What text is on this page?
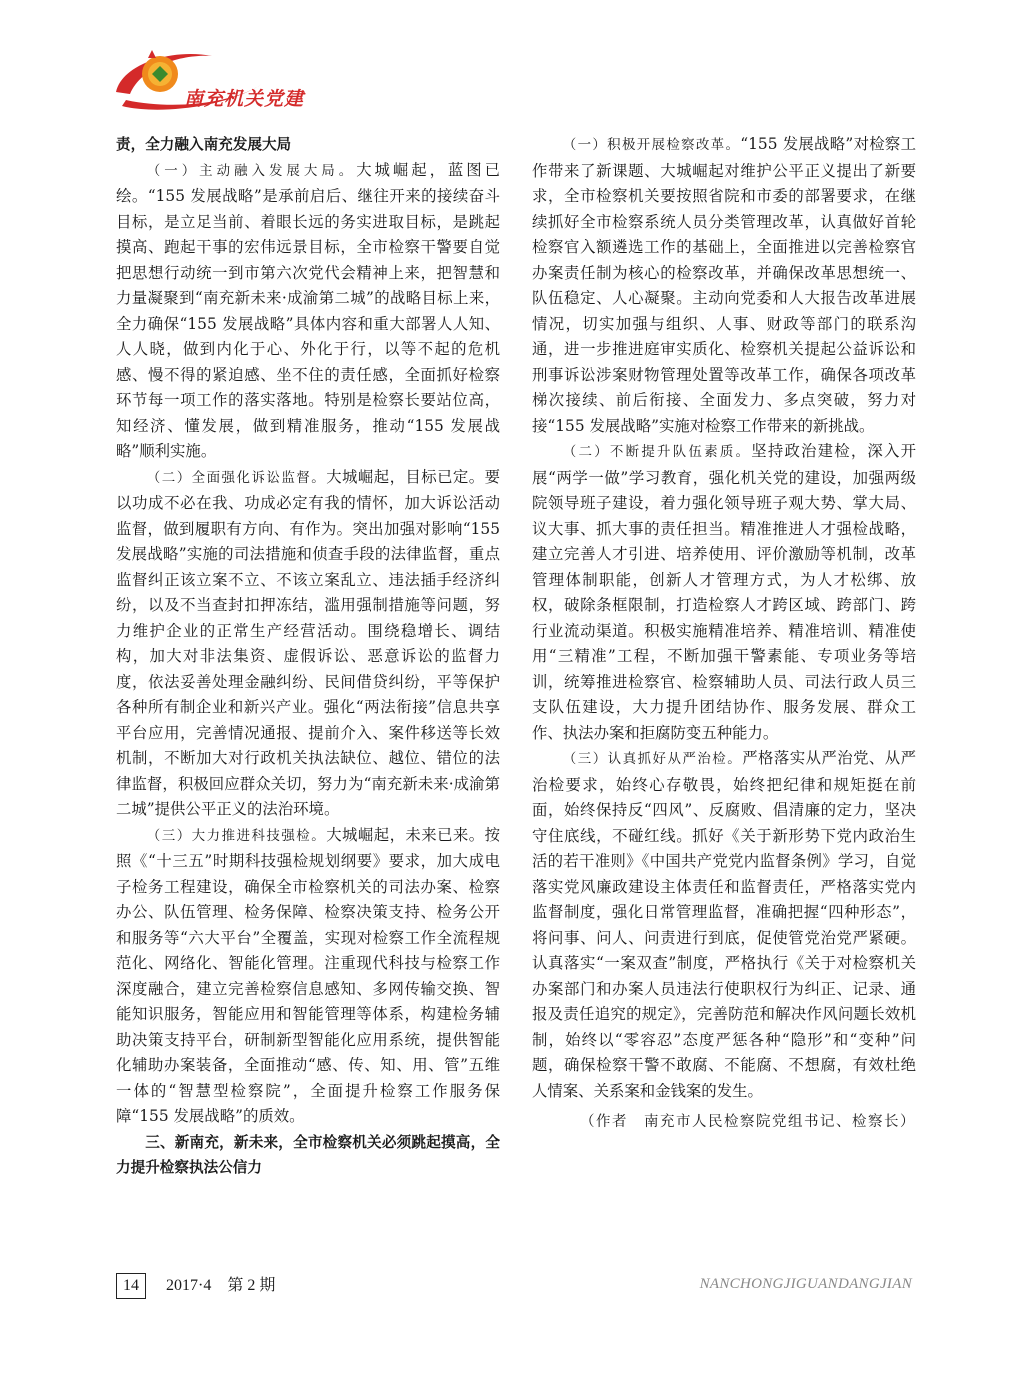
南充机关党建

责，全力融入南充发展大局

（一）主动融入发展大局。大城崛起，蓝图已绘。“155 发展战略”是承前启后、继往开来的接续奋斗目标，是立足当前、着眼长远的务实进取目标，是跳起摸高、跑起干事的宏伟远景目标，全市检察干警要自觉把思想行动统一到市第六次党代会精神上来，把智慧和力量凝聚到“南充新未来·成渝第二城”的战略目标上来，全力确保“155 发展战略”具体内容和重大部署人人知、人人晓，做到内化于心、外化于行，以等不起的危机感、慢不得的紧迫感、坐不住的责任感，全面抓好检察环节每一项工作的落实落地。特别是检察长要站位高，知经济、懂发展，做到精准服务，推动“155 发展战略”顺利实施。

（二）全面强化诉讼监督。大城崛起，目标已定。要以功成不必在我、功成必定有我的情怀，加大诉讼活动监督，做到履职有方向、有作为。突出加强对影响“155 发展战略”实施的司法措施和侦查手段的法律监督，重点监督纠正该立案不立、不该立案乱立、违法插手经济纠纷，以及不当查封扣押冻结，滥用强制措施等问题，努力维护企业的正常生产经营活动。围绕稳增长、调结构，加大对非法集资、虚假诉讼、恶意诉讼的监督力度，依法妥善处理金融纠纷、民间借贷纠纷，平等保护各种所有制企业和新兴产业。强化“两法衔接”信息共享平台应用，完善情况通报、提前介入、案件移送等长效机制，不断加大对行政机关执法缺位、越位、错位的法律监督，积极回应群众关切，努力为“南充新未来·成渝第二城”提供公平正义的法治环境。

（三）大力推进科技强检。大城崛起，未来已来。按照《“十三五”时期科技强检规划纲要》要求，加大成电子检务工程建设，确保全市检察机关的司法办案、检察办公、队伍管理、检务保障、检察决策支持、检务公开和服务等“六大平台”全覆盖，实现对检察工作全流程规范化、网络化、智能化管理。注重现代科技与检察工作深度融合，建立完善检察信息感知、多网传输交换、智能知识服务，智能应用和智能管理等体系，构建检务辅助决策支持平台，研制新型智能化应用系统，提供智能化辅助办案装备，全面推动“感、传、知、用、管”五维一体的“智慧型检察院”，全面提升检察工作服务保障“155 发展战略”的质效。

三、新南充，新未来，全市检察机关必须跳起摸高，全力提升检察执法公信力

（一）积极开展检察改革。“155 发展战略”对检察工作带来了新课题、大城崛起对维护公平正义提出了新要求，全市检察机关要按照省院和市委的部署要求，在继续抓好全市检察系统人员分类管理改革，认真做好首轮检察官入额遴选工作的基础上，全面推进以完善检察官办案责任制为核心的检察改革，并确保改革思想统一、队伍稳定、人心凝聚。主动向党委和人大报告改革进展情况，切实加强与组织、人事、财政等部门的联系沟通，进一步推进庭审实质化、检察机关提起公益诉讼和刑事诉讼涉案财物管理处置等改革工作，确保各项改革梯次接续、前后衔接、全面发力、多点突破，努力对接“155 发展战略”实施对检察工作带来的新挑战。

（二）不断提升队伍素质。坚持政治建检，深入开展“两学一做”学习教育，强化机关党的建设，加强两级院领导班子建设，着力强化领导班子观大势、掌大局、议大事、抓大事的责任担当。精准推进人才强检战略，建立完善人才引进、培养使用、评价激励等机制，改革管理体制职能，创新人才管理方式，为人才松绑、放权，破除条框限制，打造检察人才跨区域、跨部门、跨行业流动渠道。积极实施精准培养、精准培训、精准使用“三精准”工程，不断加强干警素能、专项业务等培训，统筹推进检察官、检察辅助人员、司法行政人员三支队伍建设，大力提升团结协作、服务发展、群众工作、执法办案和拒腐防变五种能力。

（三）认真抓好从严治检。严格落实从严治党、从严治检要求，始终心存敬畏，始终把纪律和规矩挺在前面，始终保持反“四风”、反腐败、倡清廉的定力，坚决守住底线，不碰红线。抓好《关于新形势下党内政治生活的若干准则》《中国共产党党内监督条例》学习，自觉落实党风廉政建设主体责任和监督责任，严格落实党内监督制度，强化日常管理监督，准确把握“四种形态”，将问事、问人、问责进行到底，促使管党治党严紧硬。认真落实“一案双查”制度，严格执行《关于对检察机关办案部门和办案人员违法行使职权行为纠正、记录、通报及责任追究的规定》，完善防范和解决作风问题长效机制，始终以“零容忍”态度严惩各种“隐形”和“变种”问题，确保检察干警不敢腐、不能腐、不想腐，有效杜绝人情案、关系案和金钱案的发生。

（作者　南充市人民检察院党组书记、检察长）
14	2017·4　第 2 期	NANCHONGJIGUANDANGJIAN
